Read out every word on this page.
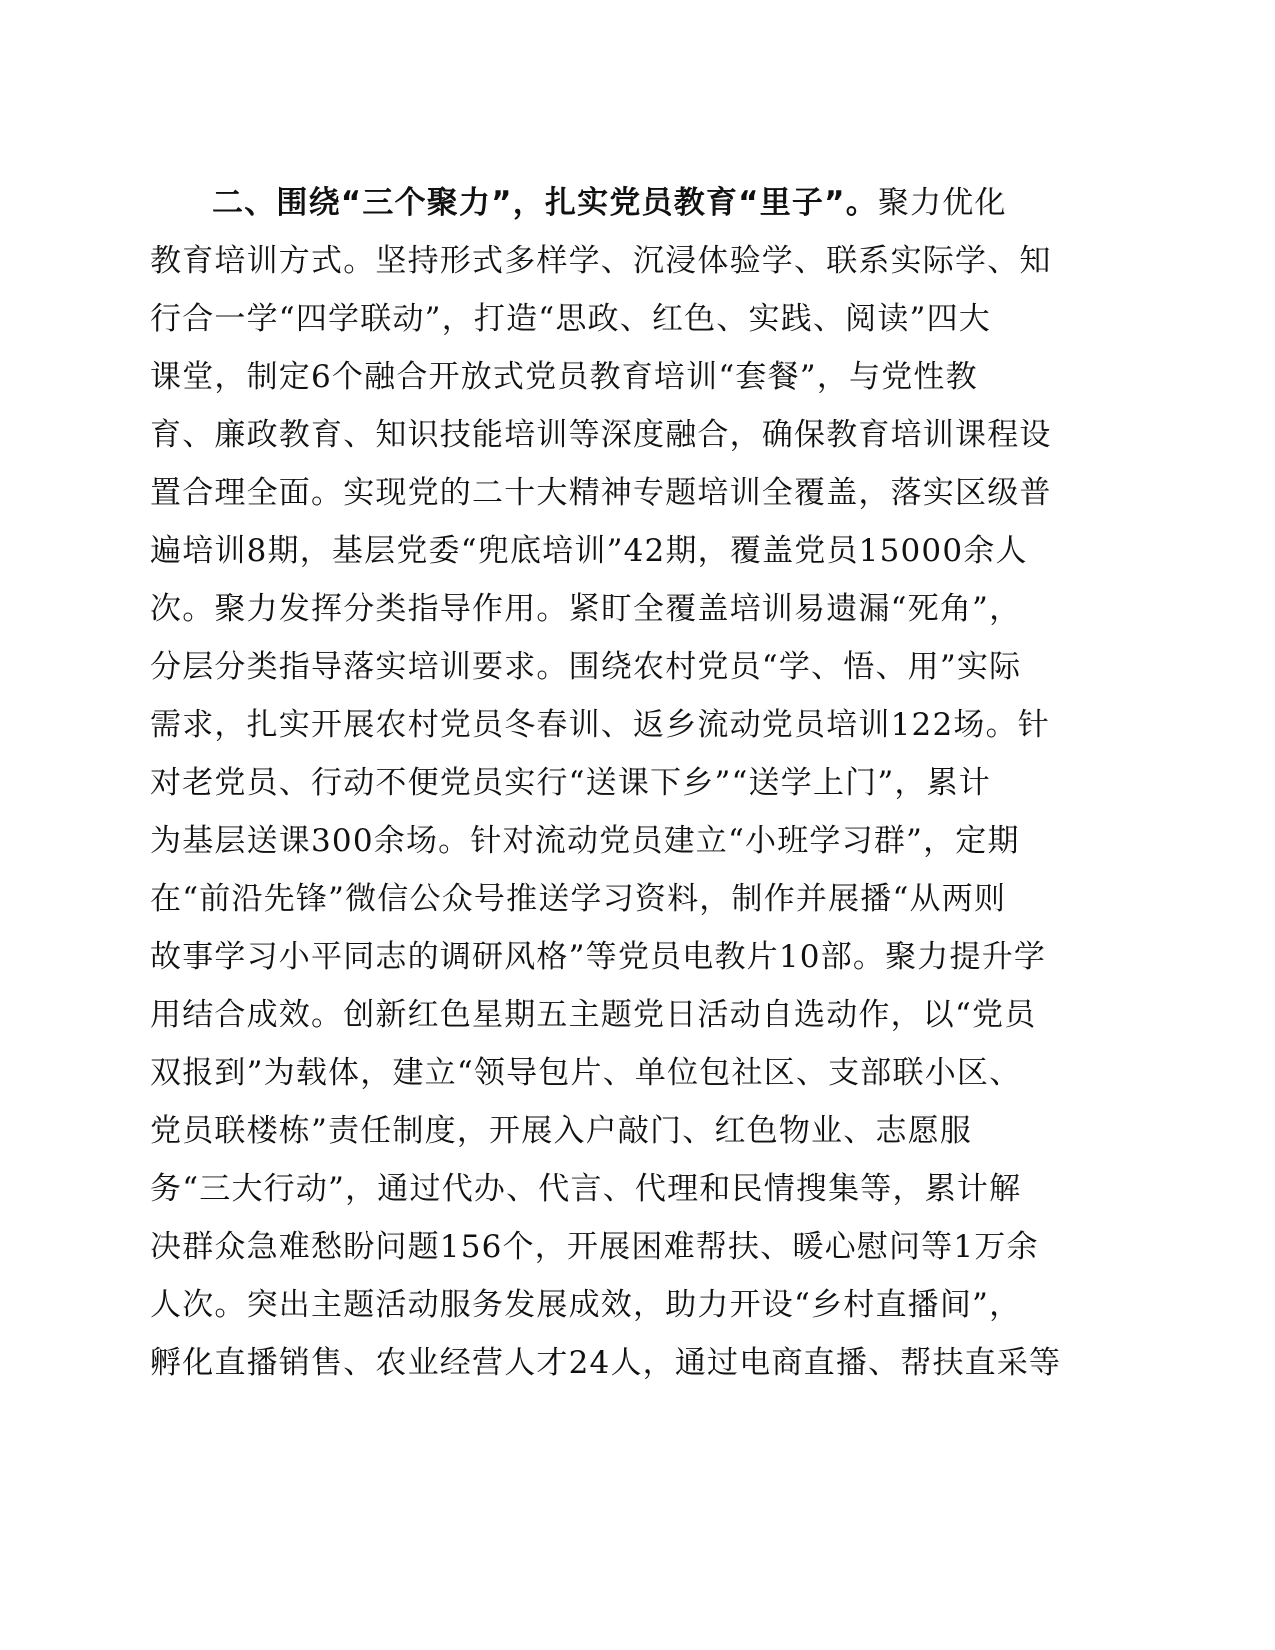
二、围绕“三个聚力”，扎实党员教育“里子”。聚力优化
教育培训方式。坚持形式多样学、沉浸体验学、联系实际学、知
行合一学“四学联动”，打造“思政、红色、实践、阅读”四大
课堂，制定6个融合开放式党员教育培训“套餐”，与党性教
育、廉政教育、知识技能培训等深度融合，确保教育培训课程设
置合理全面。实现党的二十大精神专题培训全覆盖，落实区级普
遍培训8期，基层党委“兜底培训”42期，覆盖党员15000余人
次。聚力发挥分类指导作用。紧盯全覆盖培训易遗漏“死角”，
分层分类指导落实培训要求。围绕农村党员“学、悟、用”实际
需求，扎实开展农村党员冬春训、返乡流动党员培训122场。针
对老党员、行动不便党员实行“送课下乡”“送学上门”，累计
为基层送课300余场。针对流动党员建立“小班学习群”，定期
在“前沿先锋”微信公众号推送学习资料，制作并展播“从两则
故事学习小平同志的调研风格”等党员电教片10部。聚力提升学
用结合成效。创新红色星期五主题党日活动自选动作，以“党员
双报到”为载体，建立“领导包片、单位包社区、支部联小区、
党员联楼栋”责任制度，开展入户敲门、红色物业、志愿服
务“三大行动”，通过代办、代言、代理和民情搜集等，累计解
决群众急难愁盼问题156个，开展困难帮扶、暖心慰问等1万余
人次。突出主题活动服务发展成效，助力开设“乡村直播间”，
孵化直播销售、农业经营人才24人，通过电商直播、帮扶直采等
